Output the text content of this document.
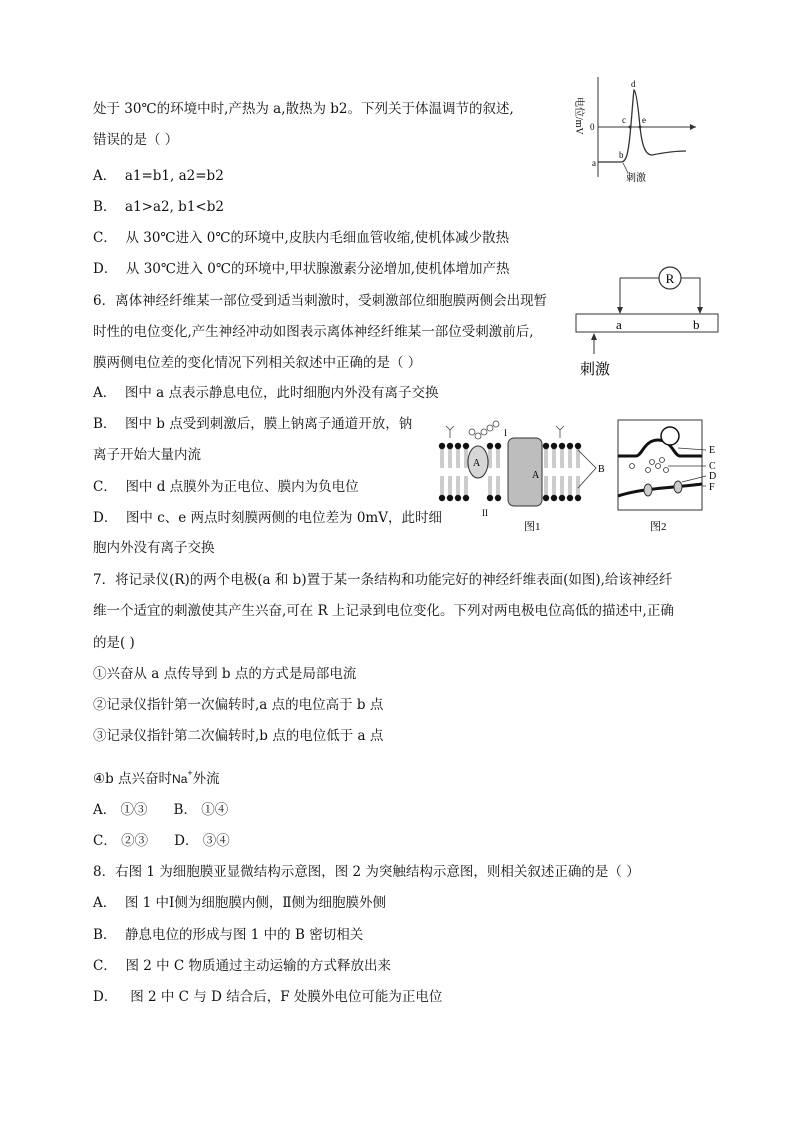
处于 30℃的环境中时,产热为 a,散热为 b2。下列关于体温调节的叙述,
错误的是（ ）
A． a1=b1, a2=b2
B． a1>a2, b1<b2
C． 从 30℃进入 0℃的环境中,皮肤内毛细血管收缩,使机体减少散热
D． 从 30℃进入 0℃的环境中,甲状腺激素分泌增加,使机体增加产热
6．离体神经纤维某一部位受到适当刺激时，受刺激部位细胞膜两侧会出现暂
时性的电位变化,产生神经冲动如图表示离体神经纤维某一部位受刺激前后,
膜两侧电位差的变化情况下列相关叙述中正确的是（ ）
A． 图中 a 点表示静息电位，此时细胞内外没有离子交换
B． 图中 b 点受到刺激后，膜上钠离子通道开放，钠
离子开始大量内流
C． 图中 d 点膜外为正电位、膜内为负电位
D． 图中 c、e 两点时刻膜两侧的电位差为 0mV，此时细
胞内外没有离子交换
7．将记录仪(R)的两个电极(a 和 b)置于某一条结构和功能完好的神经纤维表面(如图),给该神经纤
维一个适宜的刺激使其产生兴奋,可在 R 上记录到电位变化。下列对两电极电位高低的描述中,正确
的是( )
①兴奋从 a 点传导到 b 点的方式是局部电流
②记录仪指针第一次偏转时,a 点的电位高于 b 点
③记录仪指针第二次偏转时,b 点的电位低于 a 点
④b 点兴奋时Na+外流
A． ①③ B． ①④
C． ②③ D． ③④
8．右图 1 为细胞膜亚显微结构示意图，图 2 为突触结构示意图，则相关叙述正确的是（ ）
A． 图 1 中Ⅰ侧为细胞膜内侧，Ⅱ侧为细胞膜外侧
B． 静息电位的形成与图 1 中的 B 密切相关
C． 图 2 中 C 物质通过主动运输的方式释放出来
D．   图 2 中 C 与 D 结合后，F 处膜外电位可能为正电位
电位/mV 0
a
b
c
d
e
刺激
R
a	b
刺激
A
A
I
II
B
图1
E
C
D
F
图2
